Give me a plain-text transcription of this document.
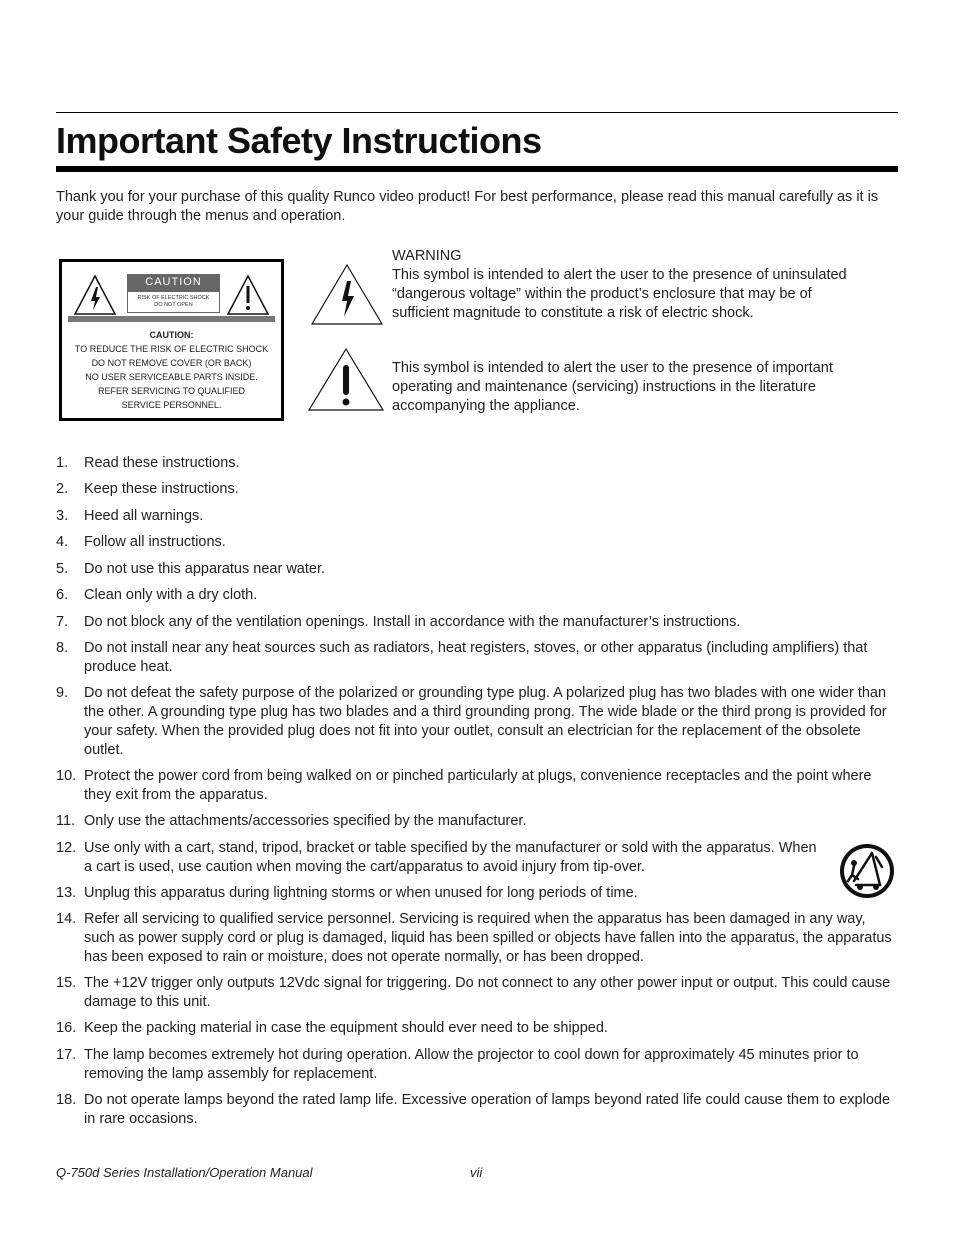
Important Safety Instructions

Thank you for your purchase of this quality Runco video product! For best performance, please read this manual carefully as it is your guide through the menus and operation.

CAUTION
RISK OF ELECTRIC SHOCK
DO NOT OPEN
CAUTION:
TO REDUCE THE RISK OF ELECTRIC SHOCK
DO NOT REMOVE COVER (OR BACK)
NO USER SERVICEABLE PARTS INSIDE.
REFER SERVICING TO QUALIFIED
SERVICE PERSONNEL.
WARNING
This symbol is intended to alert the user to the presence of uninsulated “dangerous voltage” within the product’s enclosure that may be of sufficient magnitude to constitute a risk of electric shock.

This symbol is intended to alert the user to the presence of important operating and maintenance (servicing) instructions in the literature accompanying the appliance.

1.	Read these instructions.
2.	Keep these instructions.
3.	Heed all warnings.
4.	Follow all instructions.
5.	Do not use this apparatus near water.
6.	Clean only with a dry cloth.
7.	Do not block any of the ventilation openings. Install in accordance with the manufacturer’s instructions.
8.	Do not install near any heat sources such as radiators, heat registers, stoves, or other apparatus (including amplifiers) that produce heat.
9.	Do not defeat the safety purpose of the polarized or grounding type plug. A polarized plug has two blades with one wider than the other. A grounding type plug has two blades and a third grounding prong. The wide blade or the third prong is provided for your safety. When the provided plug does not fit into your outlet, consult an electrician for the replacement of the obsolete outlet.
10. Protect the power cord from being walked on or pinched particularly at plugs, convenience receptacles and the point where they exit from the apparatus.
11. Only use the attachments/accessories specified by the manufacturer.
12. Use only with a cart, stand, tripod, bracket or table specified by the manufacturer or sold with the apparatus. When a cart is used, use caution when moving the cart/apparatus to avoid injury from tip-over.
13. Unplug this apparatus during lightning storms or when unused for long periods of time.
14. Refer all servicing to qualified service personnel. Servicing is required when the apparatus has been damaged in any way, such as power supply cord or plug is damaged, liquid has been spilled or objects have fallen into the apparatus, the apparatus has been exposed to rain or moisture, does not operate normally, or has been dropped.
15. The +12V trigger only outputs 12Vdc signal for triggering. Do not connect to any other power input or output. This could cause damage to this unit.
16. Keep the packing material in case the equipment should ever need to be shipped.
17. The lamp becomes extremely hot during operation. Allow the projector to cool down for approximately 45 minutes prior to removing the lamp assembly for replacement.
18. Do not operate lamps beyond the rated lamp life. Excessive operation of lamps beyond rated life could cause them to explode in rare occasions.
Q-750d Series Installation/Operation Manual	vii
